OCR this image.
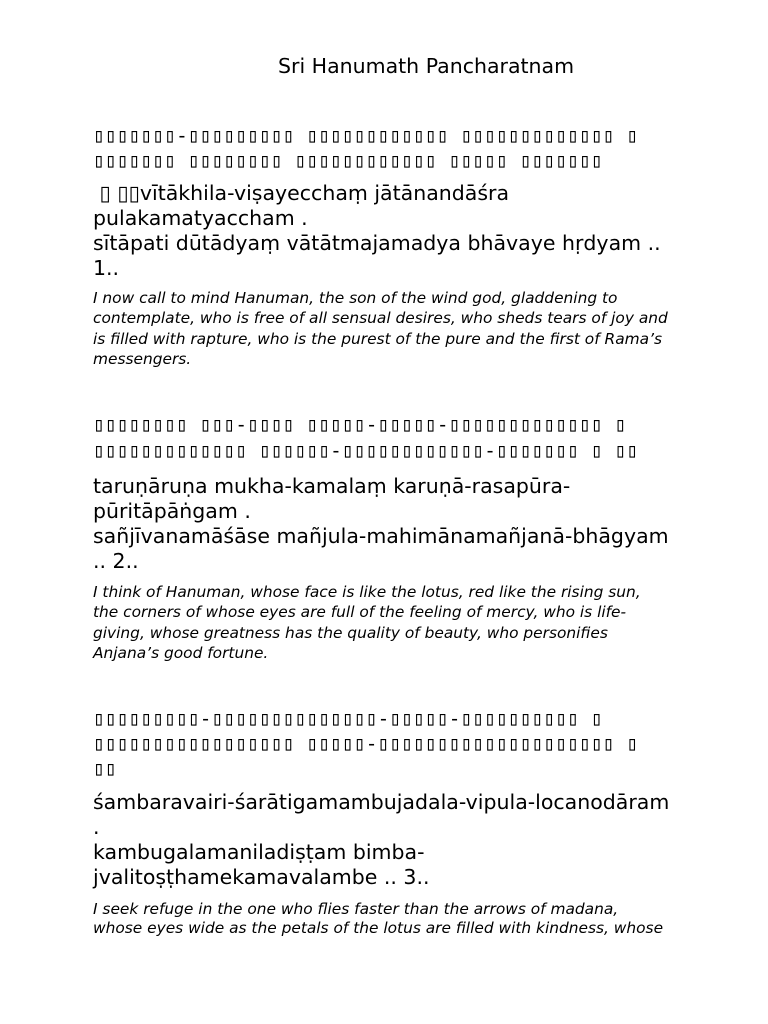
Sri Hanumath Pancharatnam
▯▯▯▯▯▯▯-▯▯▯▯▯▯▯▯▯ ▯▯▯▯▯▯▯▯▯▯▯▯ ▯▯▯▯▯▯▯▯▯▯▯▯▯ ▯
▯▯▯▯▯▯▯ ▯▯▯▯▯▯▯▯ ▯▯▯▯▯▯▯▯▯▯▯▯ ▯▯▯▯▯ ▯▯▯▯▯▯▯
▯ ▯▯vītākhila-viṣayecchaṃ jātānandāśra
pulakamatyaccham .
sītāpati dūtādyaṃ vātātmajamadya bhāvaye hṛdyam ..
1..
I now call to mind Hanuman, the son of the wind god, gladdening to
contemplate, who is free of all sensual desires, who sheds tears of joy and
is filled with rapture, who is the purest of the pure and the first of Rama’s
messengers.
▯▯▯▯▯▯▯▯ ▯▯▯-▯▯▯▯ ▯▯▯▯▯-▯▯▯▯▯-▯▯▯▯▯▯▯▯▯▯▯▯▯ ▯
▯▯▯▯▯▯▯▯▯▯▯▯▯ ▯▯▯▯▯▯-▯▯▯▯▯▯▯▯▯▯▯▯-▯▯▯▯▯▯▯ ▯ ▯▯
taruṇāruṇa mukha-kamalaṃ karuṇā-rasapūra-
pūritāpāṅgam .
sañjīvanamāśāse mañjula-mahimānamañjanā-bhāgyam
.. 2..
I think of Hanuman, whose face is like the lotus, red like the rising sun,
the corners of whose eyes are full of the feeling of mercy, who is life-
giving, whose greatness has the quality of beauty, who personifies
Anjana’s good fortune.
▯▯▯▯▯▯▯▯▯-▯▯▯▯▯▯▯▯▯▯▯▯▯▯-▯▯▯▯▯-▯▯▯▯▯▯▯▯▯▯ ▯
▯▯▯▯▯▯▯▯▯▯▯▯▯▯▯▯▯ ▯▯▯▯▯-▯▯▯▯▯▯▯▯▯▯▯▯▯▯▯▯▯▯▯▯ ▯
▯▯
śambaravairi-śarātigamambujadala-vipula-locanodāram
.
kambugalamaniladiṣṭam bimba-
jvalitoṣṭhamekamavalambe .. 3..
I seek refuge in the one who flies faster than the arrows of madana,
whose eyes wide as the petals of the lotus are filled with kindness, whose
